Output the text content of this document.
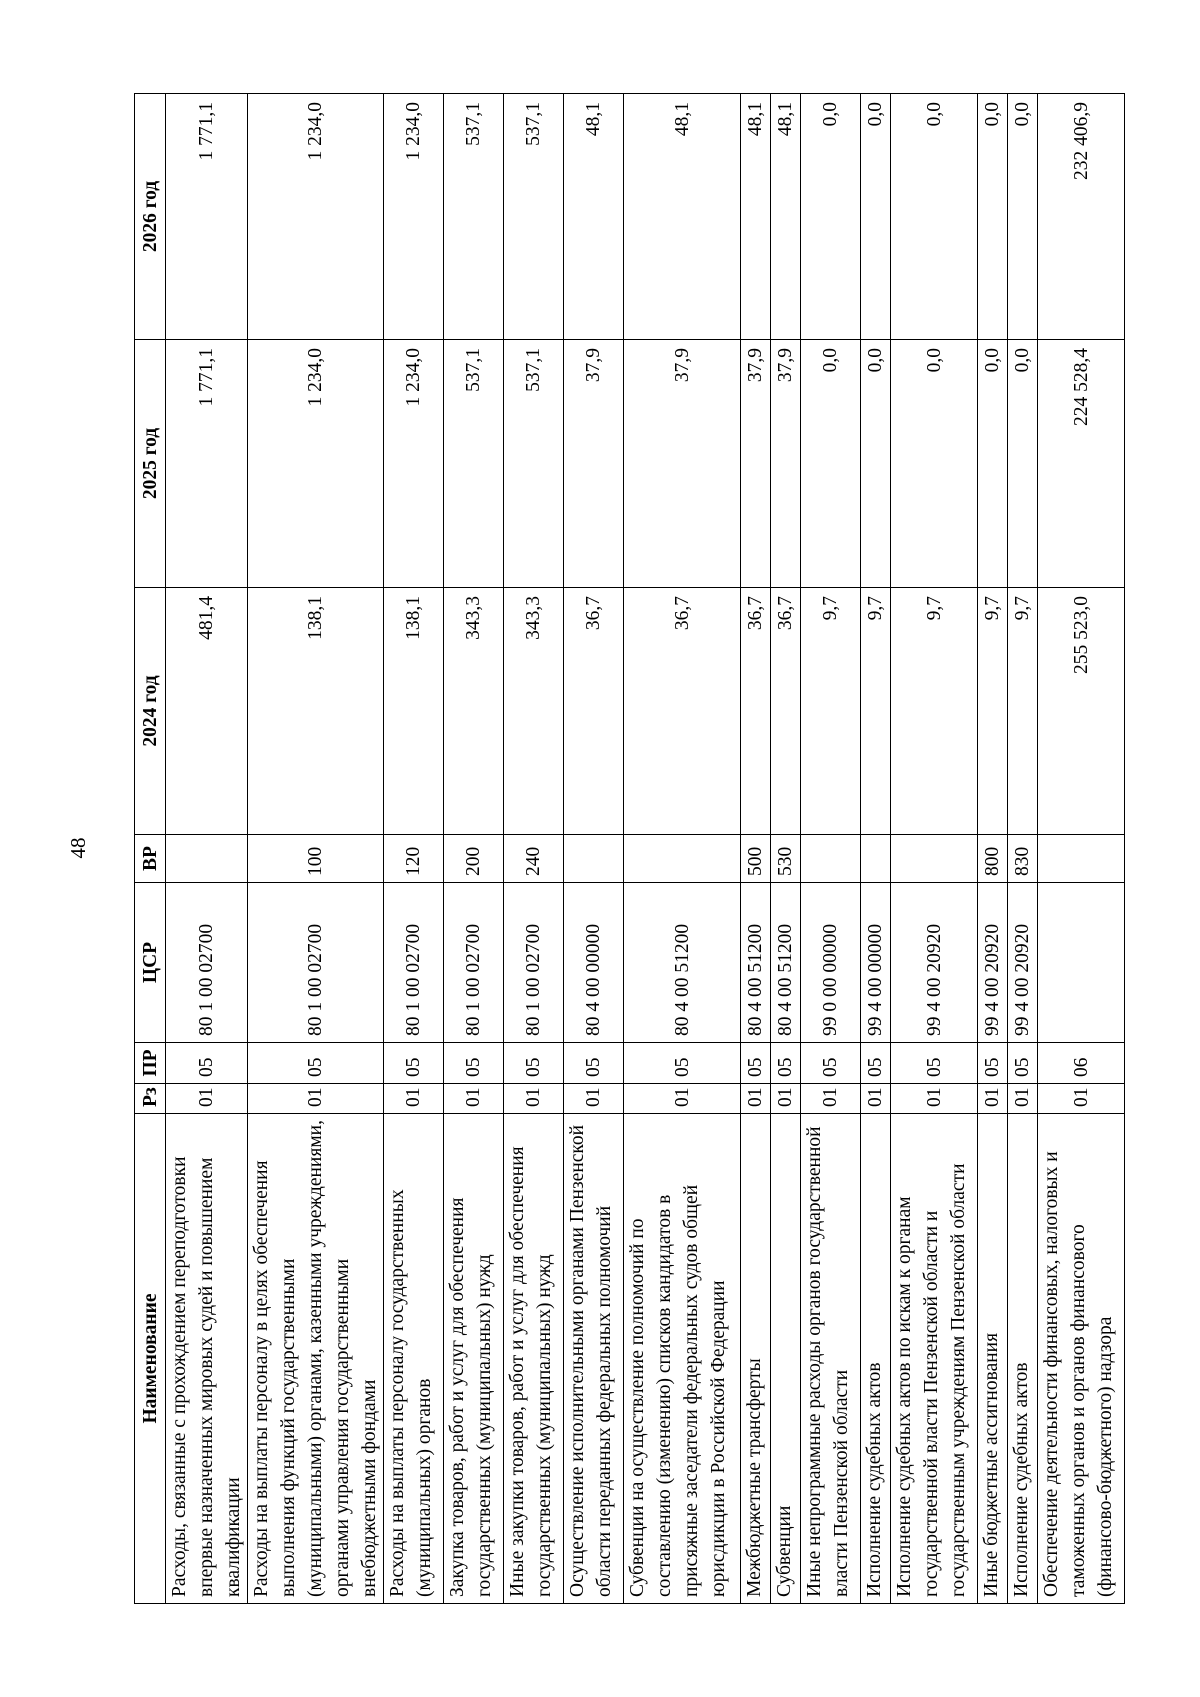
48
Наименование	Рз	ПР	ЦСР	ВР	2024 год	2025 год	2026 год
Расходы, связанные с прохождением переподготовки впервые назначенных мировых судей и повышением квалификации	01	05	80 1 00 02700		481,4	1 771,1	1 771,1
Расходы на выплаты персоналу в целях обеспечения выполнения функций государственными (муниципальными) органами, казенными учреждениями, органами управления государственными внебюджетными фондами	01	05	80 1 00 02700	100	138,1	1 234,0	1 234,0
Расходы на выплаты персоналу государственных (муниципальных) органов	01	05	80 1 00 02700	120	138,1	1 234,0	1 234,0
Закупка товаров, работ и услуг для обеспечения государственных (муниципальных) нужд	01	05	80 1 00 02700	200	343,3	537,1	537,1
Иные закупки товаров, работ и услуг для обеспечения государственных (муниципальных) нужд	01	05	80 1 00 02700	240	343,3	537,1	537,1
Осуществление исполнительными органами Пензенской области переданных федеральных полномочий	01	05	80 4 00 00000		36,7	37,9	48,1
Субвенции на осуществление полномочий по составлению (изменению) списков кандидатов в присяжные заседатели федеральных судов общей юрисдикции в Российской Федерации	01	05	80 4 00 51200		36,7	37,9	48,1
Межбюджетные трансферты	01	05	80 4 00 51200	500	36,7	37,9	48,1
Субвенции	01	05	80 4 00 51200	530	36,7	37,9	48,1
Иные непрограммные расходы органов государственной власти Пензенской области	01	05	99 0 00 00000		9,7	0,0	0,0
Исполнение судебных актов	01	05	99 4 00 00000		9,7	0,0	0,0
Исполнение судебных актов по искам к органам государственной власти Пензенской области и государственным учреждениям Пензенской области	01	05	99 4 00 20920		9,7	0,0	0,0
Иные бюджетные ассигнования	01	05	99 4 00 20920	800	9,7	0,0	0,0
Исполнение судебных актов	01	05	99 4 00 20920	830	9,7	0,0	0,0
Обеспечение деятельности финансовых, налоговых и таможенных органов и органов финансового (финансово-бюджетного) надзора	01	06			255 523,0	224 528,4	232 406,9
